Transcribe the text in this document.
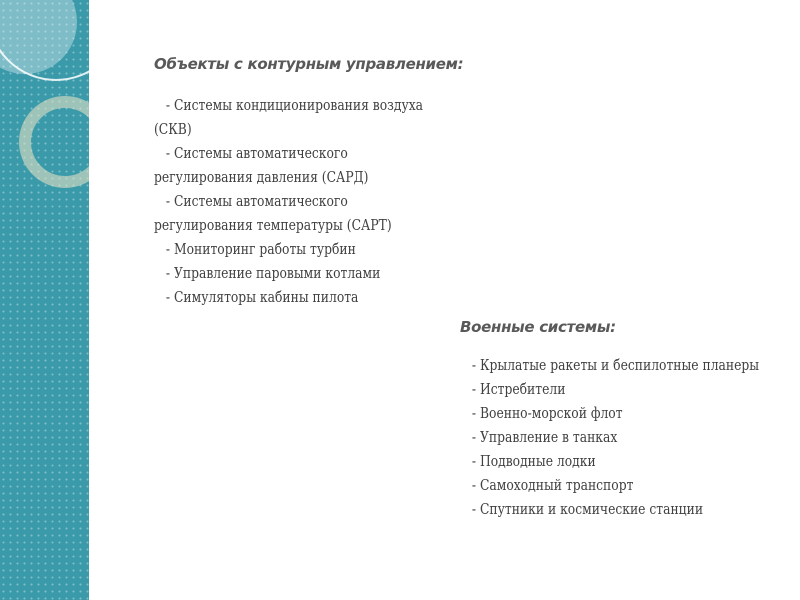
Объекты с контурным управлением:
- Системы кондиционирования воздуха (СКВ)
- Системы автоматического регулирования давления (САРД)
- Системы автоматического регулирования температуры (САРТ)
- Мониторинг работы турбин
- Управление паровыми котлами
- Симуляторы кабины пилота
Военные системы:
- Крылатые ракеты и беспилотные планеры
- Истребители
- Военно-морской флот
- Управление в танках
- Подводные лодки
- Самоходный транспорт
- Спутники и космические станции
